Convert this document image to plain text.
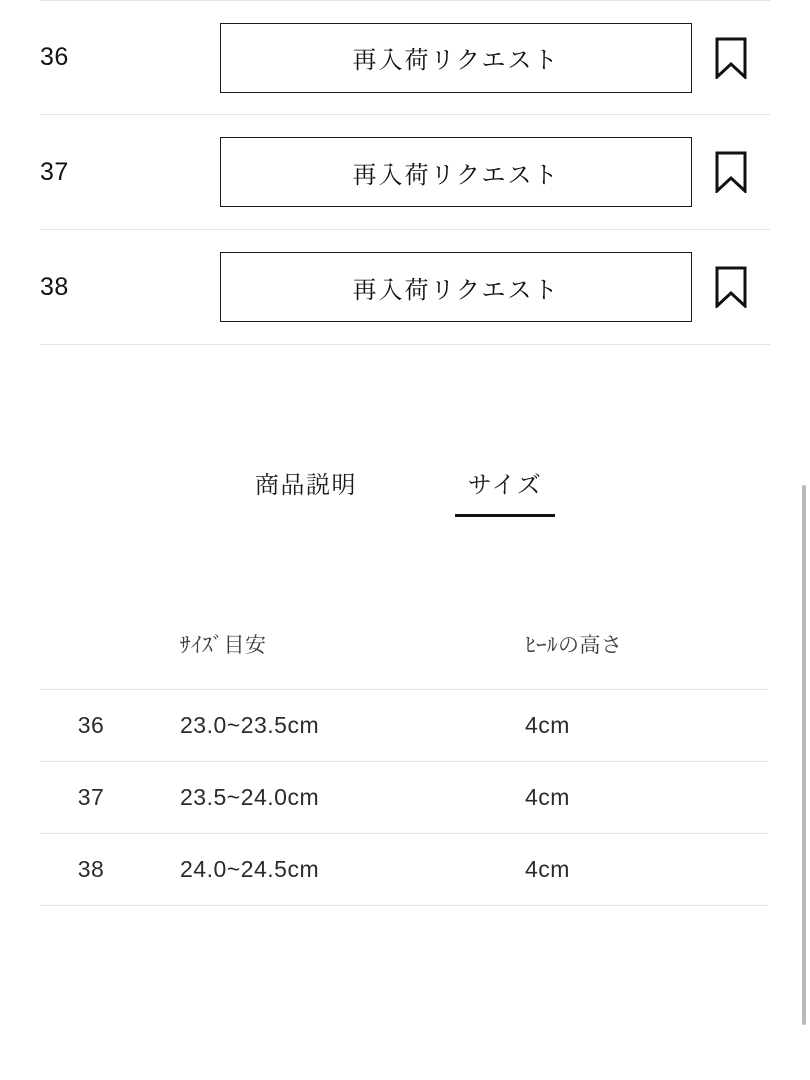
36	再入荷リクエスト
37	再入荷リクエスト
38	再入荷リクエスト
商品説明	サイズ
	ｻｲｽﾞ目安	ﾋｰﾙの高さ
36	23.0~23.5cm	4cm
37	23.5~24.0cm	4cm
38	24.0~24.5cm	4cm
